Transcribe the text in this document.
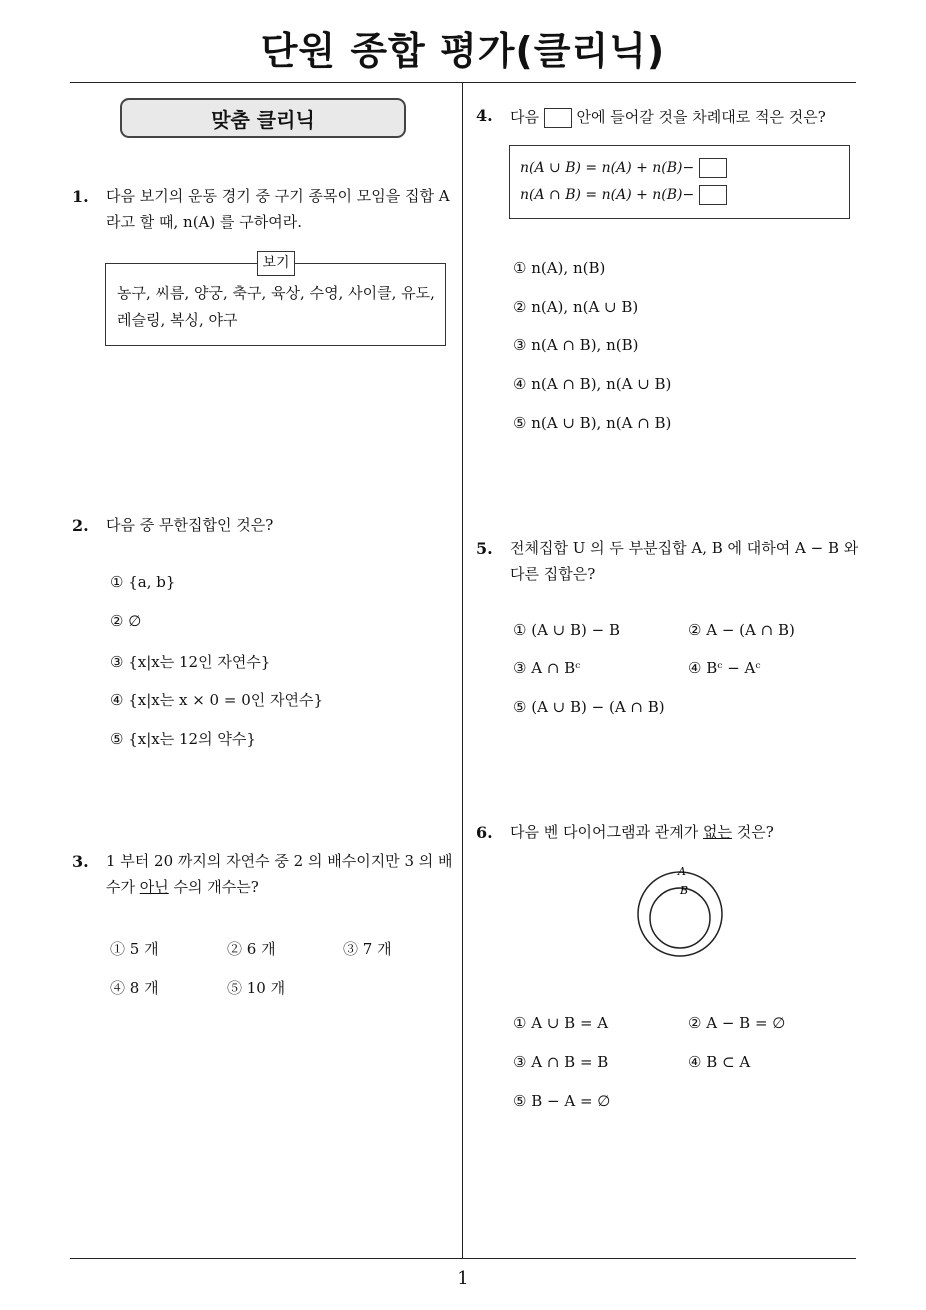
단원 종합 평가(클리닉)
맞춤 클리닉
1. 다음 보기의 운동 경기 중 구기 종목이 모임을 집합 A
라고 할 때, n(A) 를 구하여라.
보기
농구, 씨름, 양궁, 축구, 육상, 수영, 사이클, 유도,
레슬링, 복싱, 야구
2. 다음 중 무한집합인 것은?
① {a, b}
② ∅
③ {x|x는 12인 자연수}
④ {x|x는 x × 0 = 0인 자연수}
⑤ {x|x는 12의 약수}
3. 1 부터 20 까지의 자연수 중 2 의 배수이지만 3 의 배
수가 아닌 수의 개수는?
① 5 개	② 6 개	③ 7 개
④ 8 개	⑤ 10 개
4. 다음	안에 들어갈 것을 차례대로 적은 것은?
n(A ∪ B) = n(A) + n(B)−
n(A ∩ B) = n(A) + n(B)−
① n(A), n(B)
② n(A), n(A ∪ B)
③ n(A ∩ B), n(B)
④ n(A ∩ B), n(A ∪ B)
⑤ n(A ∪ B), n(A ∩ B)
5. 전체집합 U 의 두 부분집합 A, B 에 대하여 A − B 와
다른 집합은?
① (A ∪ B) − B	② A − (A ∩ B)
③ A ∩ Bᶜ	④ Bᶜ − Aᶜ
⑤ (A ∪ B) − (A ∩ B)
6. 다음 벤 다이어그램과 관계가 없는 것은?
A
B
① A ∪ B = A	② A − B = ∅
③ A ∩ B = B	④ B ⊂ A
⑤ B − A = ∅
1
